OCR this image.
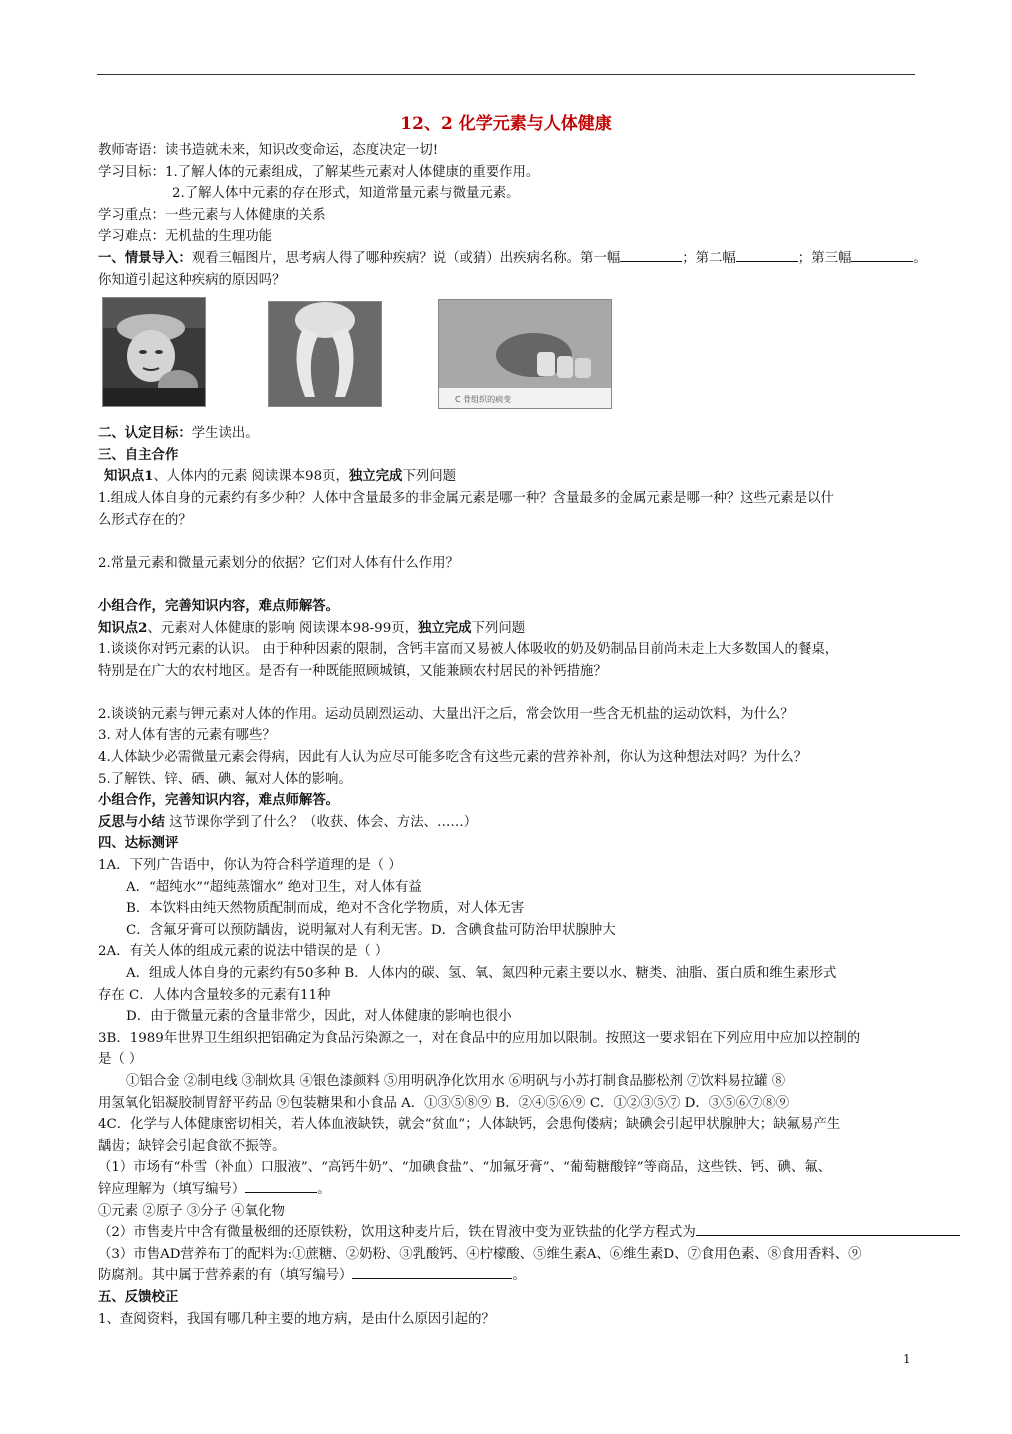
12、2 化学元素与人体健康

教师寄语：读书造就未来，知识改变命运，态度决定一切!

学习目标：1.了解人体的元素组成，了解某些元素对人体健康的重要作用。

2.了解人体中元素的存在形式，知道常量元素与微量元素。

学习重点：一些元素与人体健康的关系

学习难点：无机盐的生理功能

一、情景导入：观看三幅图片，思考病人得了哪种疾病？说（或猜）出疾病名称。第一幅	；第二幅	；第三幅	。

你知道引起这种疾病的原因吗？

C 骨组织的病变

二、认定目标：学生读出。

三、自主合作

知识点1、人体内的元素 阅读课本98页，独立完成下列问题

1.组成人体自身的元素约有多少种？人体中含量最多的非金属元素是哪一种？含量最多的金属元素是哪一种？这些元素是以什

么形式存在的？

2.常量元素和微量元素划分的依据？它们对人体有什么作用？

小组合作，完善知识内容，难点师解答。

知识点2、元素对人体健康的影响 阅读课本98-99页，独立完成下列问题

1.谈谈你对钙元素的认识。 由于种种因素的限制，含钙丰富而又易被人体吸收的奶及奶制品目前尚未走上大多数国人的餐桌，

特别是在广大的农村地区。是否有一种既能照顾城镇，又能兼顾农村居民的补钙措施？

2.谈谈钠元素与钾元素对人体的作用。运动员剧烈运动、大量出汗之后，常会饮用一些含无机盐的运动饮料，为什么？

3. 对人体有害的元素有哪些？

4.人体缺少必需微量元素会得病，因此有人认为应尽可能多吃含有这些元素的营养补剂，你认为这种想法对吗？为什么？

5.了解铁、锌、硒、碘、氟对人体的影响。

小组合作，完善知识内容，难点师解答。

反思与小结 这节课你学到了什么？（收获、体会、方法、……）

四、达标测评

1A．下列广告语中，你认为符合科学道理的是（ ）

A．“超纯水”“超纯蒸馏水” 绝对卫生，对人体有益

B．本饮料由纯天然物质配制而成，绝对不含化学物质，对人体无害

C．含氟牙膏可以预防龋齿，说明氟对人有利无害。D．含碘食盐可防治甲状腺肿大

2A．有关人体的组成元素的说法中错误的是（ ）

A．组成人体自身的元素约有50多种 B．人体内的碳、氢、氧、氮四种元素主要以水、糖类、油脂、蛋白质和维生素形式

存在 C．人体内含量较多的元素有11种

D．由于微量元素的含量非常少，因此，对人体健康的影响也很小

3B．1989年世界卫生组织把铝确定为食品污染源之一，对在食品中的应用加以限制。按照这一要求铝在下列应用中应加以控制的

是（ ）

①铝合金 ②制电线 ③制炊具 ④银色漆颜料 ⑤用明矾净化饮用水 ⑥明矾与小苏打制食品膨松剂 ⑦饮料易拉罐 ⑧

用氢氧化铝凝胶制胃舒平药品 ⑨包装糖果和小食品 A．①③⑤⑧⑨ B．②④⑤⑥⑨ C．①②③⑤⑦ D．③⑤⑥⑦⑧⑨

4C．化学与人体健康密切相关，若人体血液缺铁，就会“贫血”；人体缺钙，会患佝偻病；缺碘会引起甲状腺肿大；缺氟易产生

龋齿；缺锌会引起食欲不振等。

（1）市场有“朴雪（补血）口服液”、“高钙牛奶”、“加碘食盐”、“加氟牙膏”、“葡萄糖酸锌”等商品，这些铁、钙、碘、氟、

锌应理解为（填写编号）	。

①元素 ②原子 ③分子 ④氧化物

（2）市售麦片中含有微量极细的还原铁粉，饮用这种麦片后，铁在胃液中变为亚铁盐的化学方程式为

（3）市售AD营养布丁的配料为:①蔗糖、②奶粉、③乳酸钙、④柠檬酸、⑤维生素A、⑥维生素D、⑦食用色素、⑧食用香料、⑨

防腐剂。其中属于营养素的有（填写编号）	。

五、反馈校正

1、查阅资料，我国有哪几种主要的地方病，是由什么原因引起的？

1
